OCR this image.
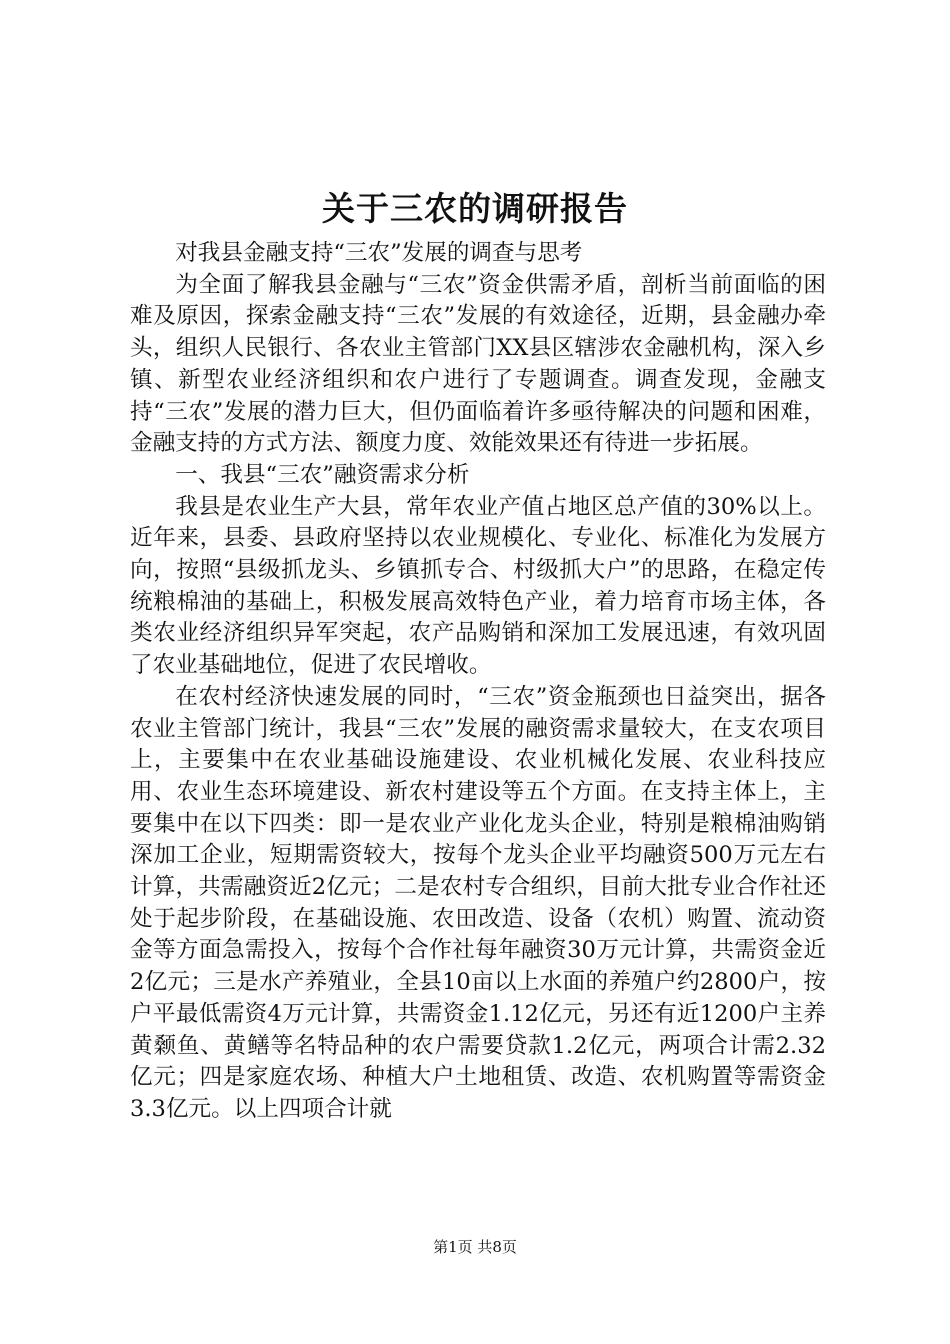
关于三农的调研报告

对我县金融支持“三农”发展的调查与思考

为全面了解我县金融与“三农”资金供需矛盾，剖析当前面临的困难及原因，探索金融支持“三农”发展的有效途径，近期，县金融办牵头，组织人民银行、各农业主管部门XX县区辖涉农金融机构，深入乡镇、新型农业经济组织和农户进行了专题调查。调查发现，金融支持“三农”发展的潜力巨大，但仍面临着许多亟待解决的问题和困难，金融支持的方式方法、额度力度、效能效果还有待进一步拓展。

一、我县“三农”融资需求分析

我县是农业生产大县，常年农业产值占地区总产值的30%以上。近年来，县委、县政府坚持以农业规模化、专业化、标准化为发展方向，按照“县级抓龙头、乡镇抓专合、村级抓大户”的思路，在稳定传统粮棉油的基础上，积极发展高效特色产业，着力培育市场主体，各类农业经济组织异军突起，农产品购销和深加工发展迅速，有效巩固了农业基础地位，促进了农民增收。

在农村经济快速发展的同时，“三农”资金瓶颈也日益突出，据各农业主管部门统计，我县“三农”发展的融资需求量较大，在支农项目上，主要集中在农业基础设施建设、农业机械化发展、农业科技应用、农业生态环境建设、新农村建设等五个方面。在支持主体上，主要集中在以下四类：即一是农业产业化龙头企业，特别是粮棉油购销深加工企业，短期需资较大，按每个龙头企业平均融资500万元左右计算，共需融资近2亿元；二是农村专合组织，目前大批专业合作社还处于起步阶段，在基础设施、农田改造、设备（农机）购置、流动资金等方面急需投入，按每个合作社每年融资30万元计算，共需资金近2亿元；三是水产养殖业，全县10亩以上水面的养殖户约2800户，按户平最低需资4万元计算，共需资金1.12亿元，另还有近1200户主养黄颡鱼、黄鳝等名特品种的农户需要贷款1.2亿元，两项合计需2.32亿元；四是家庭农场、种植大户土地租赁、改造、农机购置等需资金3.3亿元。以上四项合计就

第1页 共8页
